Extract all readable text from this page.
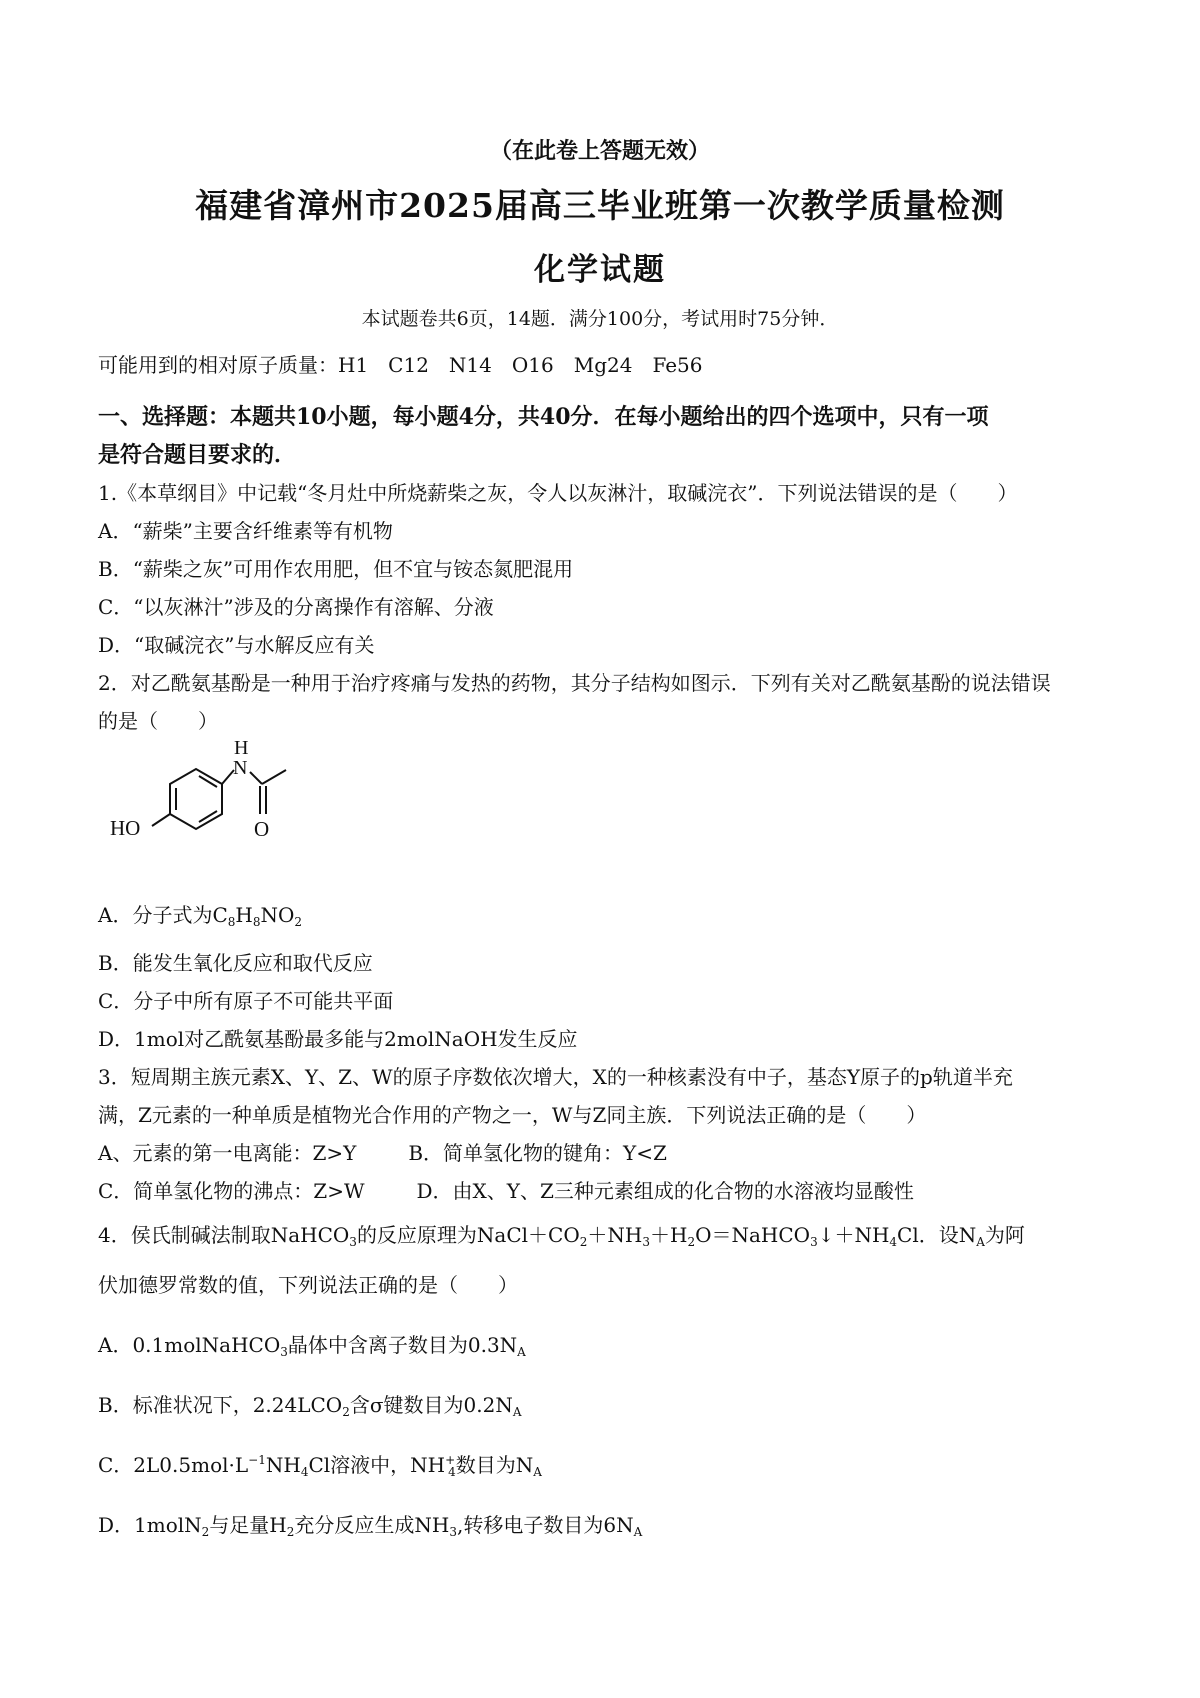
（在此卷上答题无效）
福建省漳州市2025届高三毕业班第一次教学质量检测
化学试题
本试题卷共6页，14题．满分100分，考试用时75分钟．
可能用到的相对原子质量：H1　C12　N14　O16　Mg24　Fe56
一、选择题：本题共10小题，每小题4分，共40分．在每小题给出的四个选项中，只有一项
是符合题目要求的．
1.《本草纲目》中记载“冬月灶中所烧薪柴之灰，令人以灰淋汁，取碱浣衣”．下列说法错误的是（　　）
A．“薪柴”主要含纤维素等有机物
B．“薪柴之灰”可用作农用肥，但不宜与铵态氮肥混用
C．“以灰淋汁”涉及的分离操作有溶解、分液
D．“取碱浣衣”与水解反应有关
2．对乙酰氨基酚是一种用于治疗疼痛与发热的药物，其分子结构如图示．下列有关对乙酰氨基酚的说法错误
的是（　　）
H
N
HO	O
A．分子式为$C_8H_8NO_2$
B．能发生氧化反应和取代反应
C．分子中所有原子不可能共平面
D．1mol对乙酰氨基酚最多能与2molNaOH发生反应
3．短周期主族元素X、Y、Z、W的原子序数依次增大，X的一种核素没有中子，基态Y原子的p轨道半充
满，Z元素的一种单质是植物光合作用的产物之一，W与Z同主族．下列说法正确的是（　　）
A、元素的第一电离能：Z>Y	B．简单氢化物的键角：Y<Z
C．简单氢化物的沸点：Z>W	D．由X、Y、Z三种元素组成的化合物的水溶液均显酸性
4．侯氏制碱法制取NaHCO$_3$的反应原理为$NaCl+CO_2+NH_3+H_2O=NaHCO_3↓+NH_4Cl$．设$N_A$为阿
伏加德罗常数的值，下列说法正确的是（　　）
A．0.1molNaHCO$_3$晶体中含离子数目为$0.3N_A$
B．标准状况下，$2.24LCO_2$含σ键数目为$0.2N_A$
C．$2L0.5mol\cdot L^{-1}NH_4Cl$溶液中，$NH^+_4$数目为$N_A$
D．1molN$_2$与足量$H_2$充分反应生成$NH_3$,转移电子数目为$6N_A$
